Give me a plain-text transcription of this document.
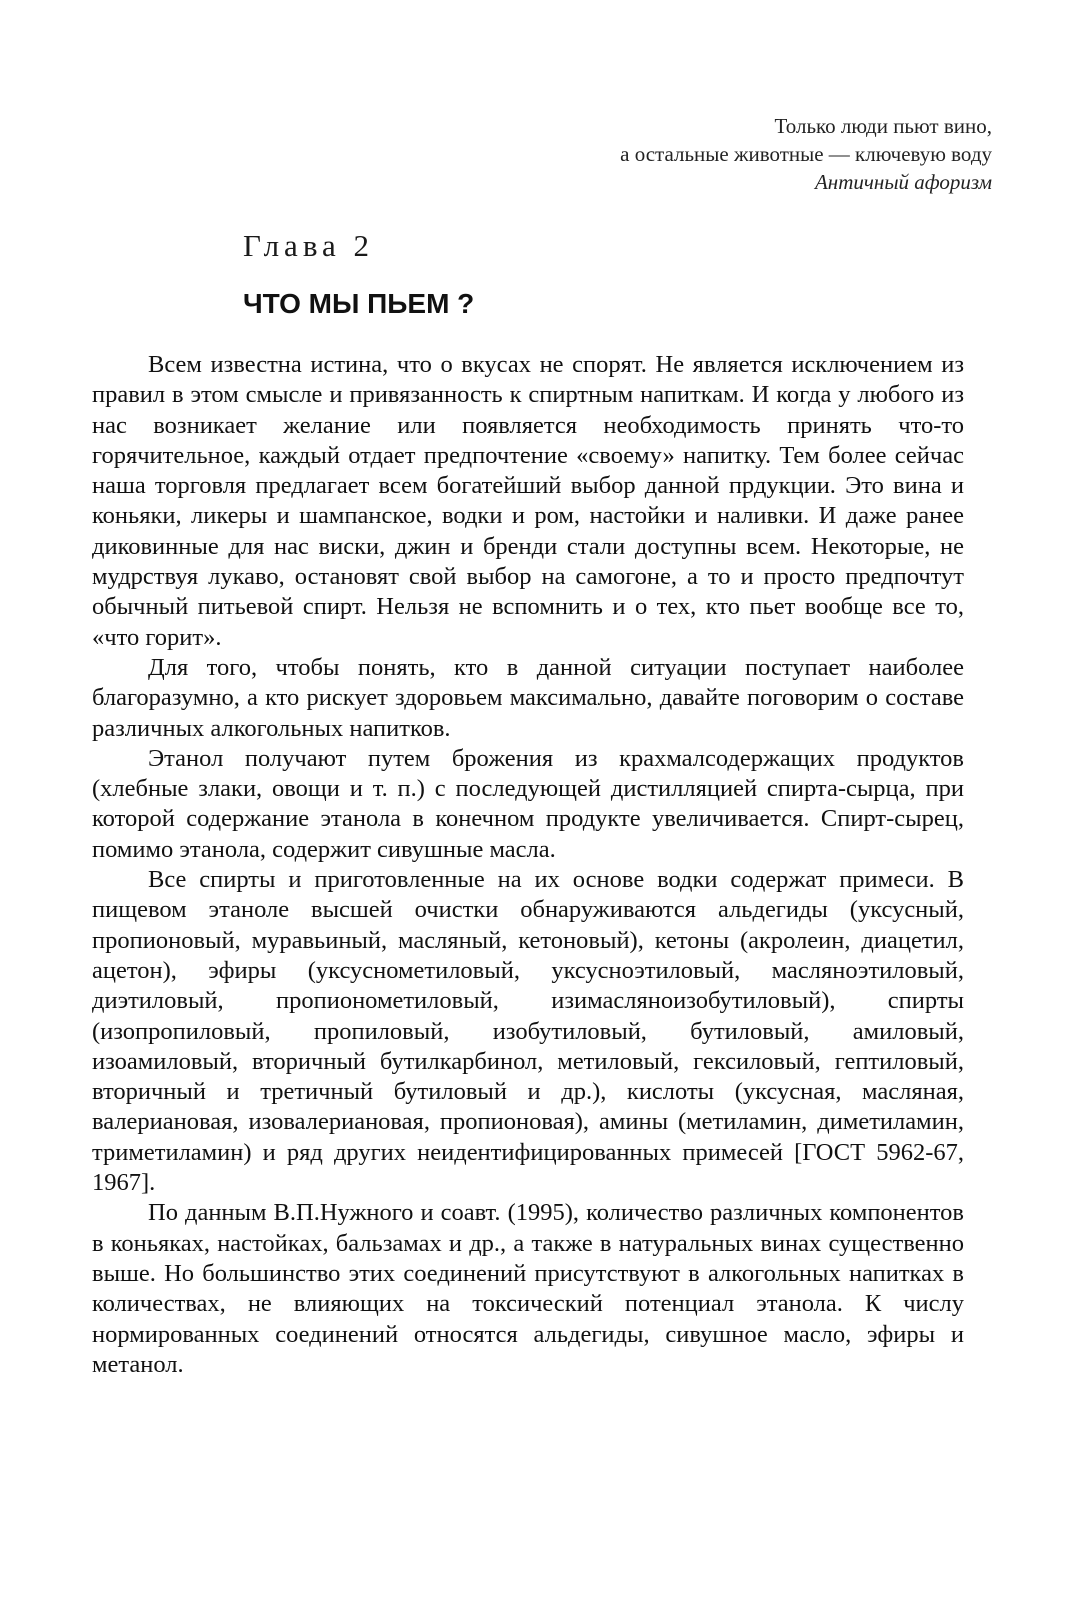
Только люди пьют вино,
а остальные животные — ключевую воду
Античный афоризм
Глава 2
ЧТО МЫ ПЬЕМ ?

Всем известна истина, что о вкусах не спорят. Не является исключением из правил в этом смысле и привязанность к спиртным напиткам. И когда у любого из нас возникает желание или появляется необходимость принять что-то горячительное, каждый отдает предпочтение «своему» напитку. Тем более сейчас наша торговля предлагает всем богатейший выбор данной прдукции. Это вина и коньяки, ликеры и шампанское, водки и ром, настойки и наливки. И даже ранее диковинные для нас виски, джин и бренди стали доступны всем. Некоторые, не мудрствуя лукаво, остановят свой выбор на самогоне, а то и просто предпочтут обычный питьевой спирт. Нельзя не вспомнить и о тех, кто пьет вообще все то, «что горит».

Для того, чтобы понять, кто в данной ситуации поступает наиболее благоразумно, а кто рискует здоровьем максимально, давайте поговорим о составе различных алкогольных напитков.

Этанол получают путем брожения из крахмалсодержащих продуктов (хлебные злаки, овощи и т. п.) с последующей дистилляцией спирта-сырца, при которой содержание этанола в конечном продукте увеличивается. Спирт-сырец, помимо этанола, содержит сивушные масла.

Все спирты и приготовленные на их основе водки содержат примеси. В пищевом этаноле высшей очистки обнаруживаются альдегиды (уксусный, пропионовый, муравьиный, масляный, кетоновый), кетоны (акролеин, диацетил, ацетон), эфиры (уксуснометиловый, уксусноэтиловый, масляноэтиловый, диэтиловый, пропионометиловый, изимасляноизобутиловый), спирты (изопропиловый, пропиловый, изобутиловый, бутиловый, амиловый, изоамиловый, вторичный бутилкарбинол, метиловый, гексиловый, гептиловый, вторичный и третичный бутиловый и др.), кислоты (уксусная, масляная, валериановая, изовалериановая, пропионовая), амины (метиламин, диметиламин, триметиламин) и ряд других неидентифицированных примесей [ГОСТ 5962-67, 1967].

По данным В.П.Нужного и соавт. (1995), количество различных компонентов в коньяках, настойках, бальзамах и др., а также в натуральных винах существенно выше. Но большинство этих соединений присутствуют в алкогольных напитках в количествах, не влияющих на токсический потенциал этанола. К числу нормированных соединений относятся альдегиды, сивушное масло, эфиры и метанол.
